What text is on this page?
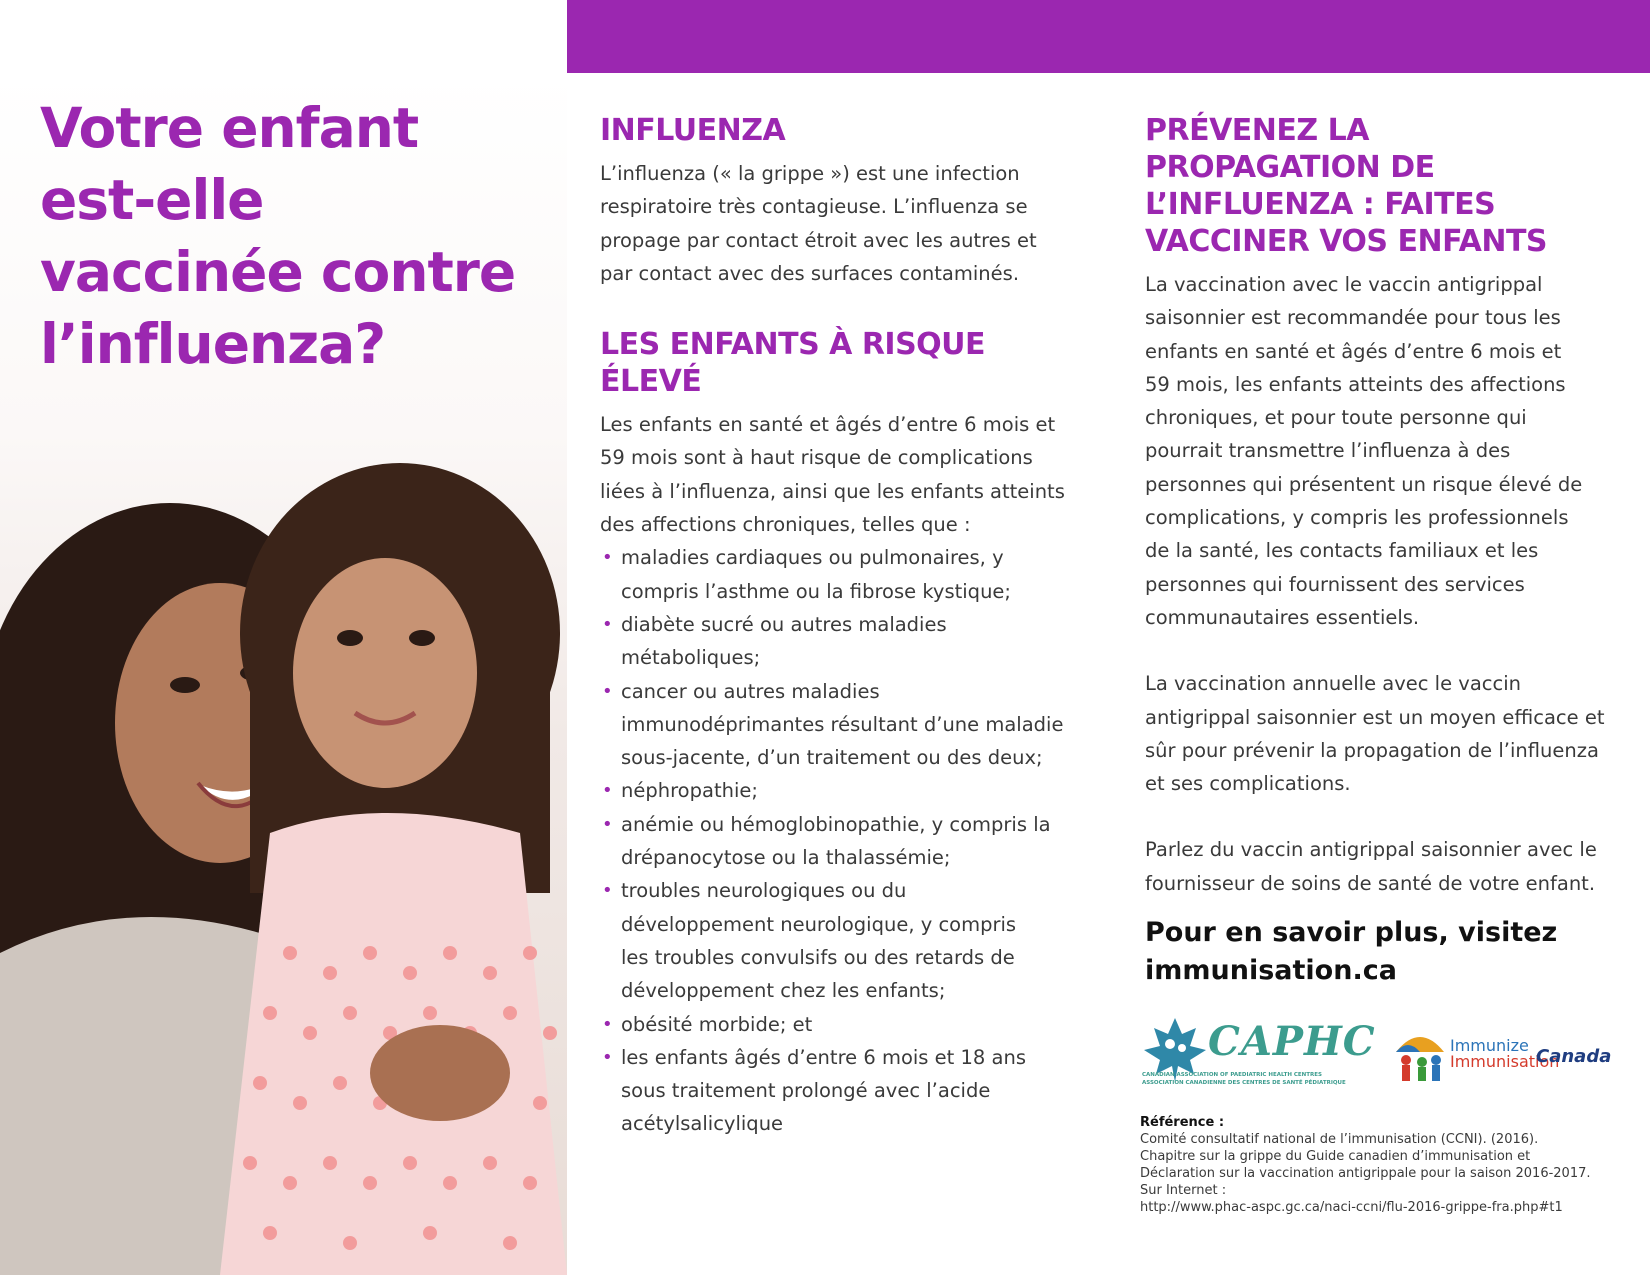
Votre enfant
est-elle
vaccinée contre
l’influenza?
INFLUENZA

L’influenza (« la grippe ») est une infection
respiratoire très contagieuse. L’influenza se
propage par contact étroit avec les autres et
par contact avec des surfaces contaminés.

LES ENFANTS À RISQUE
ÉLEVÉ

Les enfants en santé et âgés d’entre 6 mois et
59 mois sont à haut risque de complications
liées à l’influenza, ainsi que les enfants atteints
des affections chroniques, telles que :

• maladies cardiaques ou pulmonaires, y
compris l’asthme ou la fibrose kystique;
• diabète sucré ou autres maladies
métaboliques;
• cancer ou autres maladies
immunodéprimantes résultant d’une maladie
sous-jacente, d’un traitement ou des deux;
• néphropathie;
• anémie ou hémoglobinopathie, y compris la
drépanocytose ou la thalassémie;
• troubles neurologiques ou du
développement neurologique, y compris
les troubles convulsifs ou des retards de
développement chez les enfants;
• obésité morbide; et
• les enfants âgés d’entre 6 mois et 18 ans
sous traitement prolongé avec l’acide
acétylsalicylique
PRÉVENEZ LA
PROPAGATION DE
L’INFLUENZA : FAITES
VACCINER VOS ENFANTS

La vaccination avec le vaccin antigrippal
saisonnier est recommandée pour tous les
enfants en santé et âgés d’entre 6 mois et
59 mois, les enfants atteints des affections
chroniques, et pour toute personne qui
pourrait transmettre l’influenza à des
personnes qui présentent un risque élevé de
complications, y compris les professionnels
de la santé, les contacts familiaux et les
personnes qui fournissent des services
communautaires essentiels.

La vaccination annuelle avec le vaccin
antigrippal saisonnier est un moyen efficace et
sûr pour prévenir la propagation de l’influenza
et ses complications.

Parlez du vaccin antigrippal saisonnier avec le
fournisseur de soins de santé de votre enfant.

Pour en savoir plus, visitez
immunisation.ca

CAPHC
CANADIAN ASSOCIATION OF PAEDIATRIC HEALTH CENTRES
ASSOCIATION CANADIENNE DES CENTRES DE SANTÉ PÉDIATRIQUE
Immunize
Immunisation
Canada
Référence :
Comité consultatif national de l’immunisation (CCNI). (2016).
Chapitre sur la grippe du Guide canadien d’immunisation et
Déclaration sur la vaccination antigrippale pour la saison 2016-2017.
Sur Internet :
http://www.phac-aspc.gc.ca/naci-ccni/flu-2016-grippe-fra.php#t1
